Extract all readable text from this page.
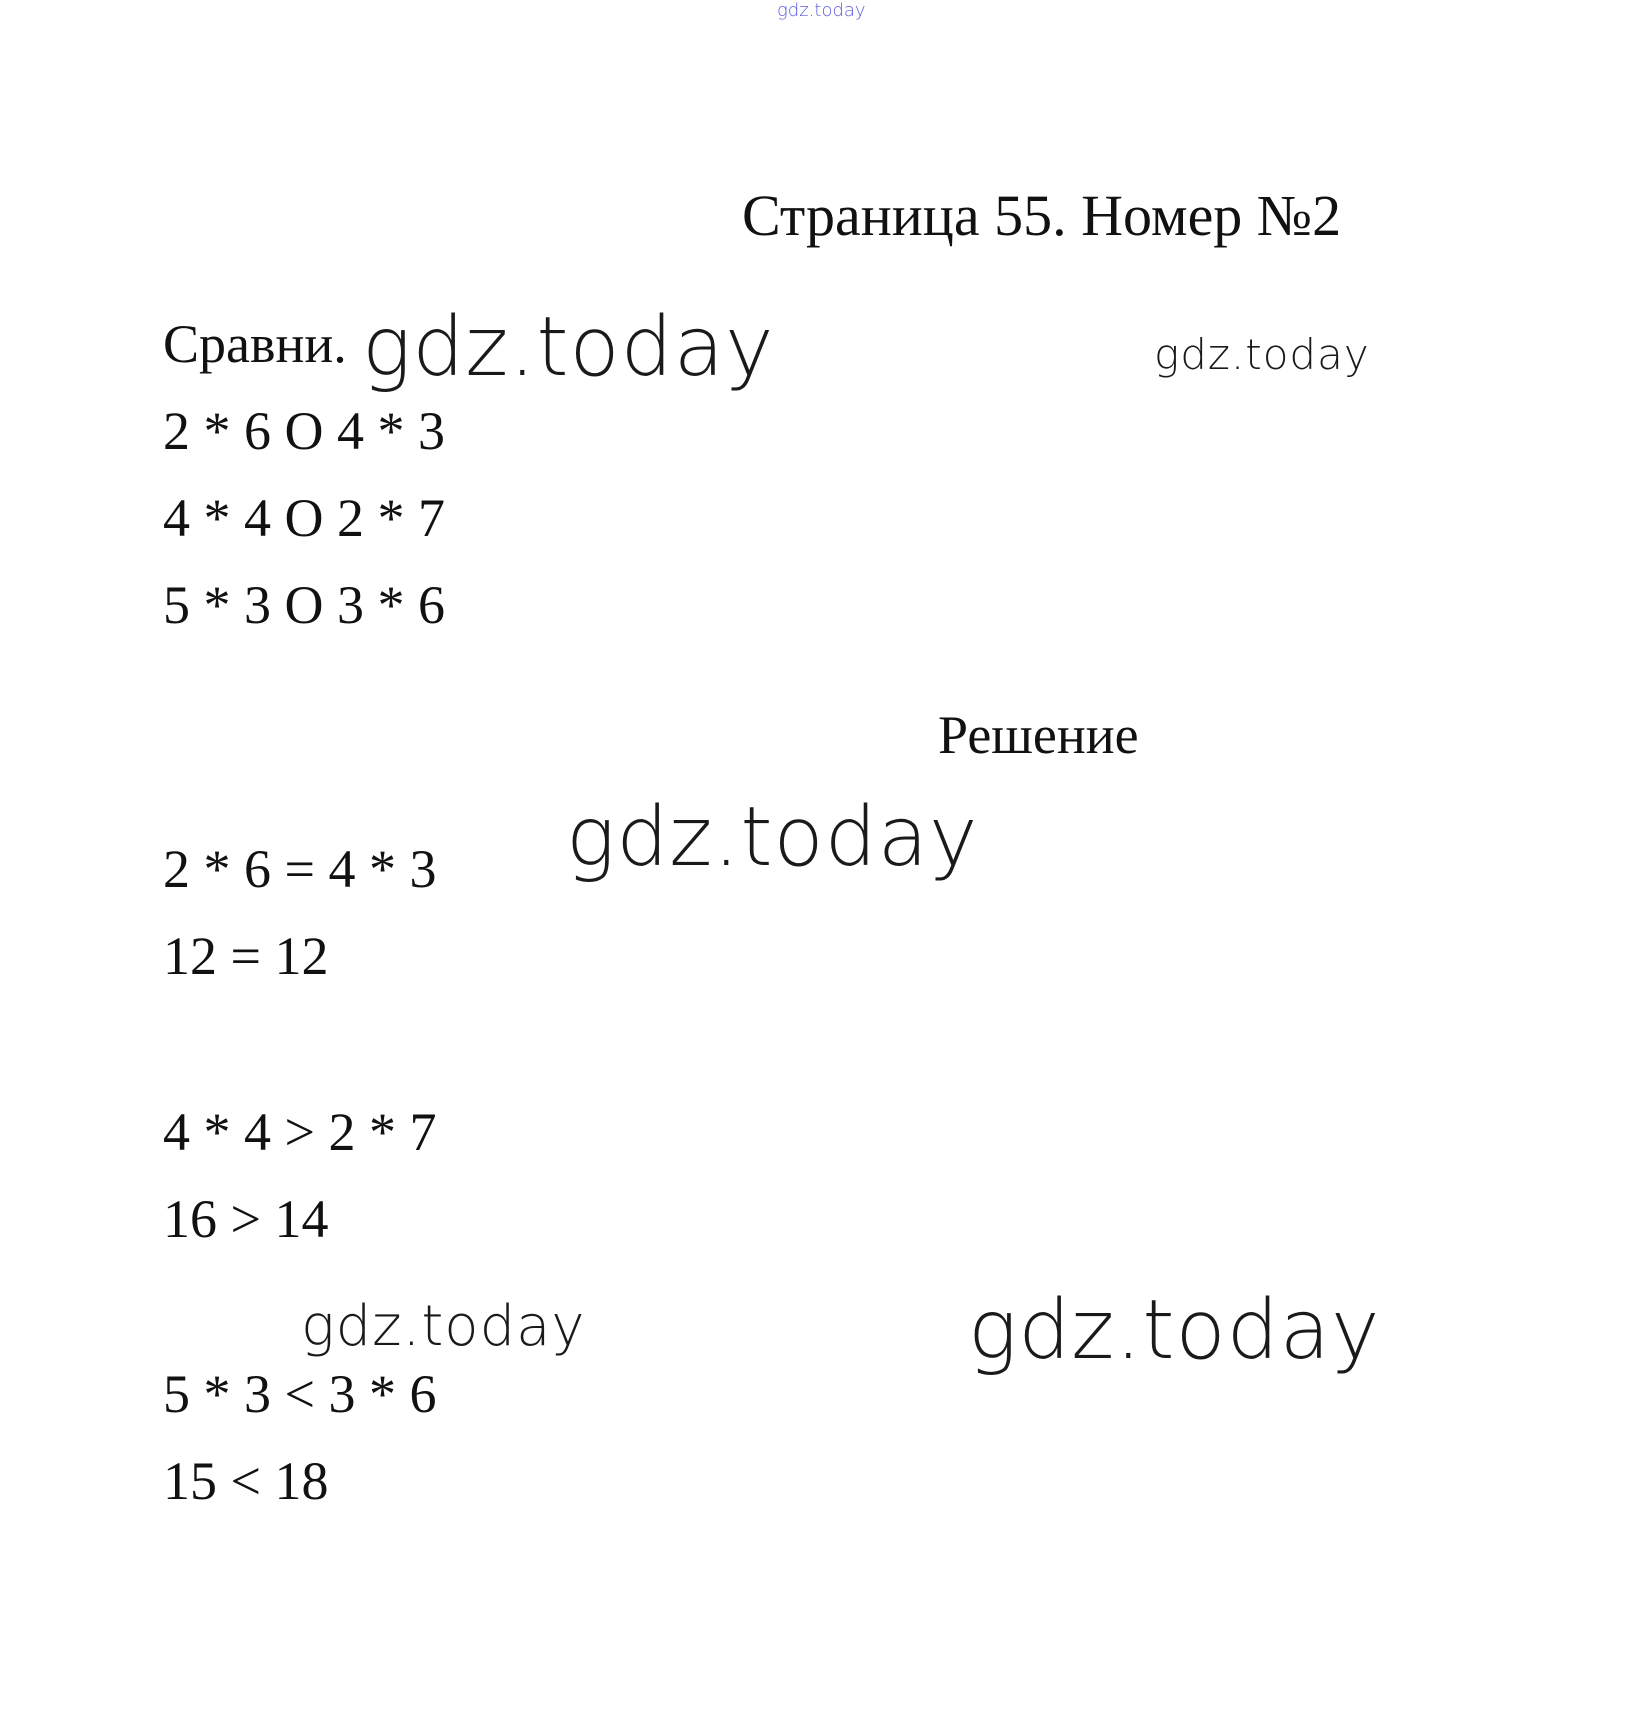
gdz.today
Страница 55. Номер №2
Сравни. gdz.today	gdz.today
2 * 6 O 4 * 3
4 * 4 O 2 * 7
5 * 3 O 3 * 6
Решение
gdz.today
2 * 6 = 4 * 3
12 = 12
4 * 4 > 2 * 7
16 > 14
gdz.today	gdz.today
5 * 3 < 3 * 6
15 < 18
